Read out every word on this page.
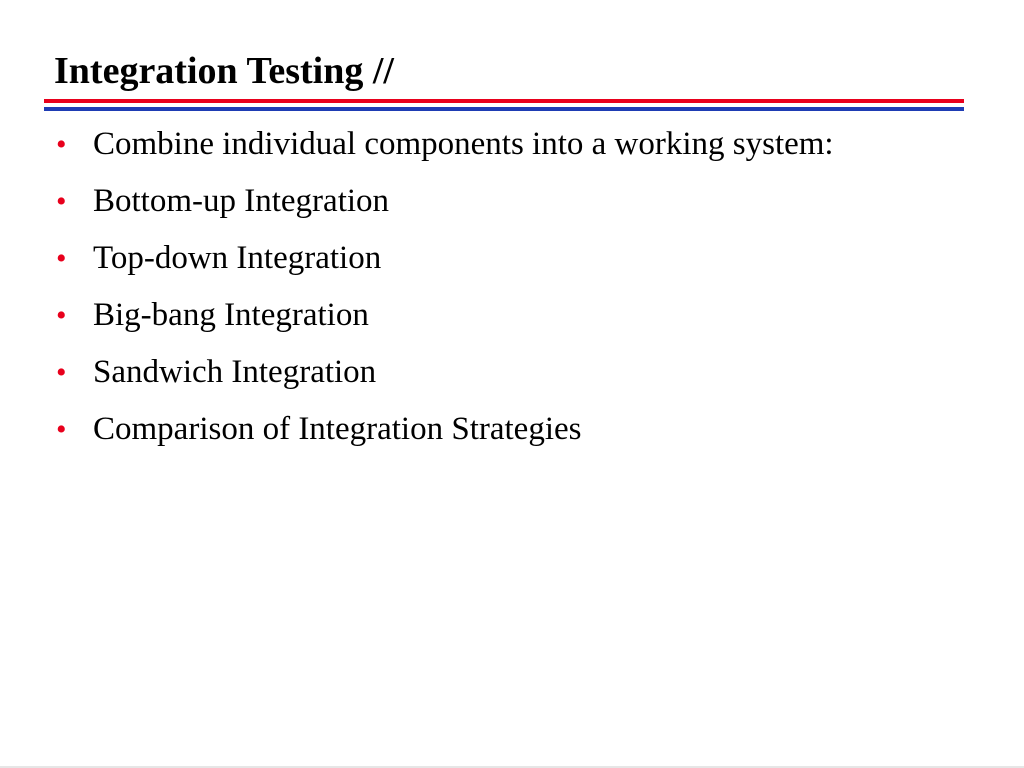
Integration Testing //
• Combine individual components into a working system:
• Bottom-up Integration
• Top-down Integration
• Big-bang Integration
• Sandwich Integration
• Comparison of Integration Strategies
